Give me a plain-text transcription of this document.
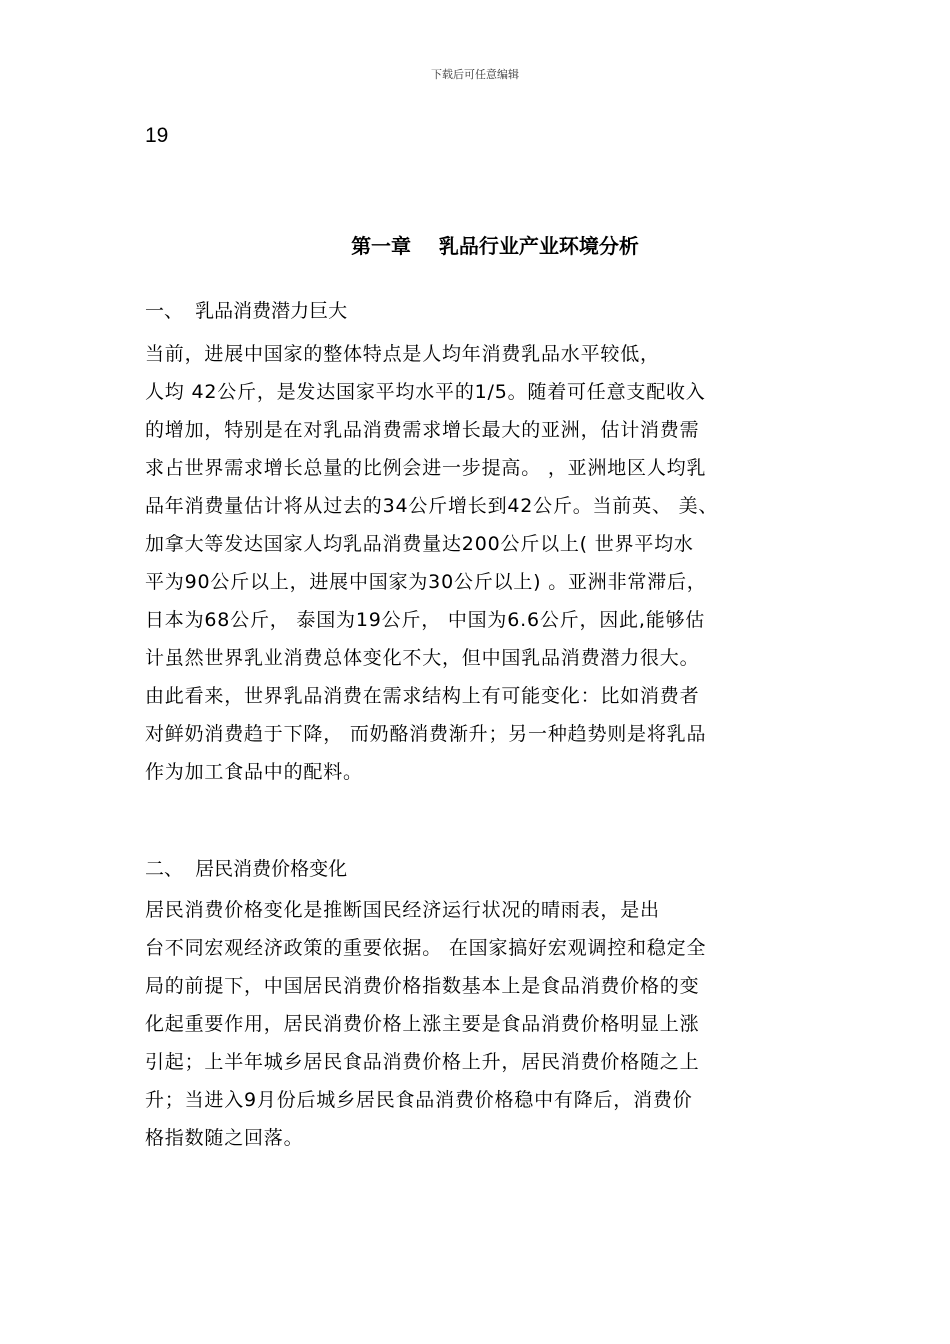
下载后可任意编辑
19
第一章    乳品行业产业环境分析
一、  乳品消费潜力巨大
当前，进展中国家的整体特点是人均年消费乳品水平较低，
人均 42公斤，是发达国家平均水平的1/5。随着可任意支配收入
的增加，特别是在对乳品消费需求增长最大的亚洲，估计消费需
求占世界需求增长总量的比例会进一步提高。 ，亚洲地区人均乳
品年消费量估计将从过去的34公斤增长到42公斤。当前英、 美、
加拿大等发达国家人均乳品消费量达200公斤以上( 世界平均水
平为90公斤以上，进展中国家为30公斤以上) 。亚洲非常滞后，
日本为68公斤， 泰国为19公斤， 中国为6.6公斤，因此,能够估
计虽然世界乳业消费总体变化不大，但中国乳品消费潜力很大。
由此看来，世界乳品消费在需求结构上有可能变化：比如消费者
对鲜奶消费趋于下降， 而奶酪消费渐升；另一种趋势则是将乳品
作为加工食品中的配料。
二、  居民消费价格变化
居民消费价格变化是推断国民经济运行状况的晴雨表，是出
台不同宏观经济政策的重要依据。 在国家搞好宏观调控和稳定全
局的前提下，中国居民消费价格指数基本上是食品消费价格的变
化起重要作用，居民消费价格上涨主要是食品消费价格明显上涨
引起；上半年城乡居民食品消费价格上升，居民消费价格随之上
升；当进入9月份后城乡居民食品消费价格稳中有降后，消费价
格指数随之回落。
